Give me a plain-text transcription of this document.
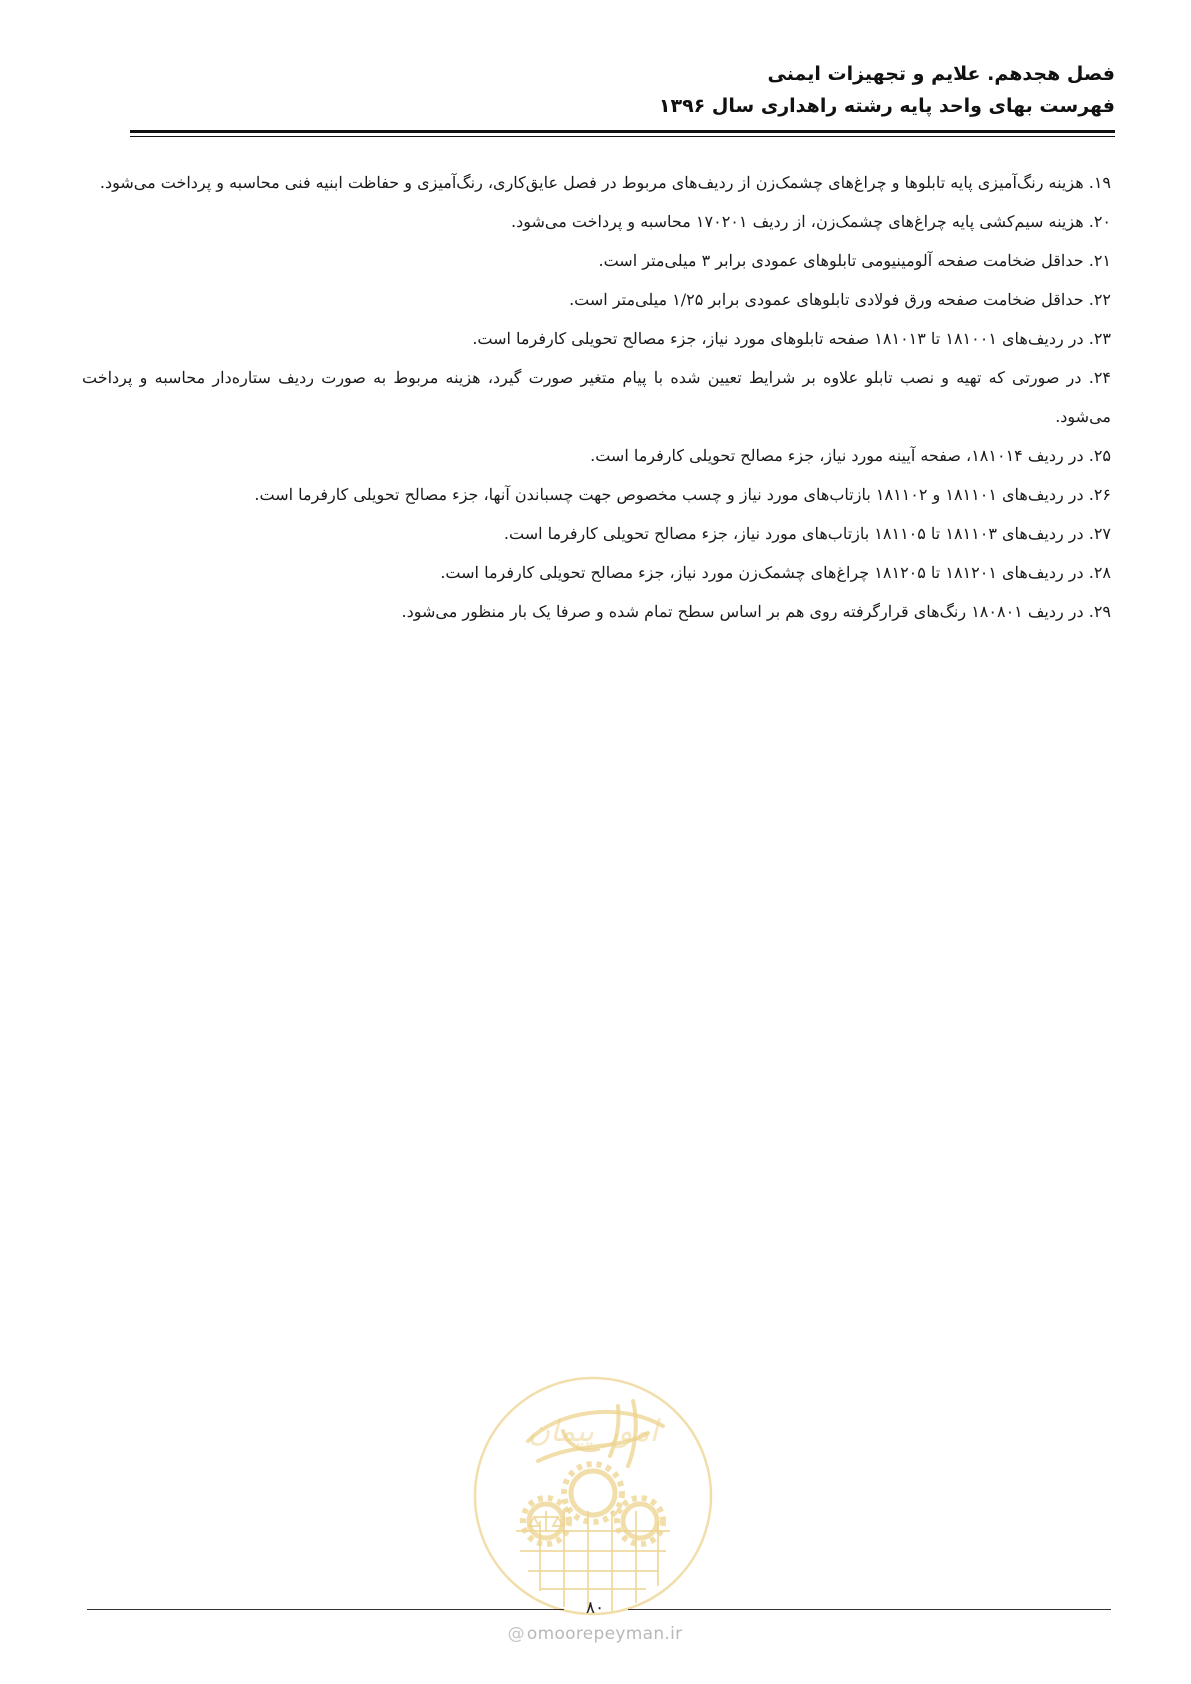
فصل هجدهم. علایم و تجهیزات ایمنی
فهرست بهای واحد پایه رشته راهداری سال ۱۳۹۶

۱۹. هزینه رنگ‌آمیزی پایه تابلوها و چراغ‌های چشمک‌زن از ردیف‌های مربوط در فصل عایق‌کاری، رنگ‌آمیزی و حفاظت ابنیه فنی محاسبه و پرداخت می‌شود.

۲۰. هزینه سیم‌کشی پایه چراغ‌های چشمک‌زن، از ردیف ۱۷۰۲۰۱ محاسبه و پرداخت می‌شود.

۲۱. حداقل ضخامت صفحه آلومینیومی تابلوهای عمودی برابر ۳ میلی‌متر است.

۲۲. حداقل ضخامت صفحه ورق فولادی تابلوهای عمودی برابر ۱/۲۵ میلی‌متر است.

۲۳. در ردیف‌های ۱۸۱۰۰۱ تا ۱۸۱۰۱۳ صفحه تابلوهای مورد نیاز، جزء مصالح تحویلی کارفرما است.

۲۴. در صورتی که تهیه و نصب تابلو علاوه بر شرایط تعیین شده با پیام متغیر صورت گیرد، هزینه مربوط به صورت ردیف ستاره‌دار محاسبه و پرداخت می‌شود.

۲۵. در ردیف ۱۸۱۰۱۴، صفحه آیینه مورد نیاز، جزء مصالح تحویلی کارفرما است.

۲۶. در ردیف‌های ۱۸۱۱۰۱ و ۱۸۱۱۰۲ بازتاب‌های مورد نیاز و چسب مخصوص جهت چسباندن آنها، جزء مصالح تحویلی کارفرما است.

۲۷. در ردیف‌های ۱۸۱۱۰۳ تا ۱۸۱۱۰۵ بازتاب‌های مورد نیاز، جزء مصالح تحویلی کارفرما است.

۲۸. در ردیف‌های ۱۸۱۲۰۱ تا ۱۸۱۲۰۵ چراغ‌های چشمک‌زن مورد نیاز، جزء مصالح تحویلی کارفرما است.

۲۹. در ردیف ۱۸۰۸۰۱ رنگ‌های قرارگرفته روی هم بر اساس سطح تمام شده و صرفا یک بار منظور می‌شود.

امور پیمان
۸۰
@ omoorepeyman.ir
